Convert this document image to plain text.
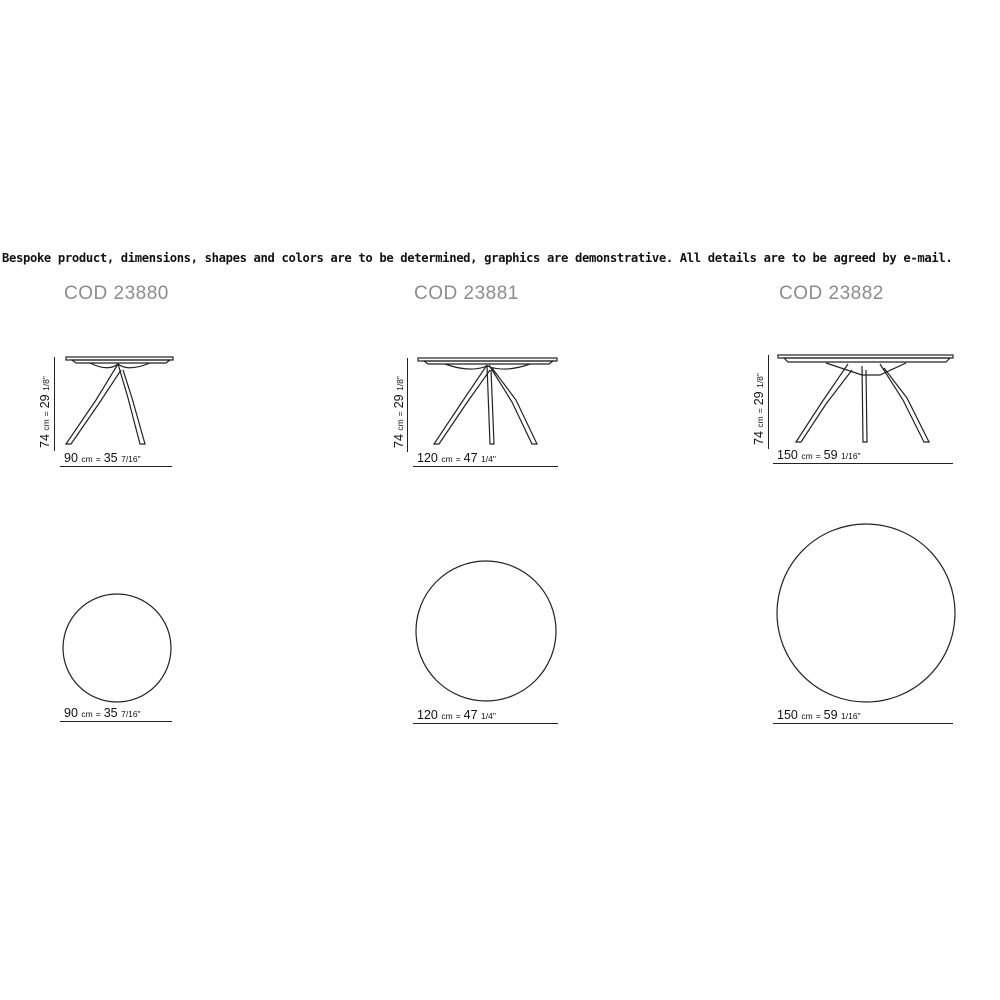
Bespoke product, dimensions, shapes and colors are to be determined, graphics are demonstrative. All details are to be agreed by e-mail.
COD 23880
74 cm=29 1/8"
90 cm = 35 7/16"
90 cm = 35 7/16"
COD 23881
74 cm=29 1/8"
120 cm = 47 1/4"
120 cm = 47 1/4"
COD 23882
74 cm=29 1/8"
150 cm = 59 1/16"
150 cm = 59 1/16"
